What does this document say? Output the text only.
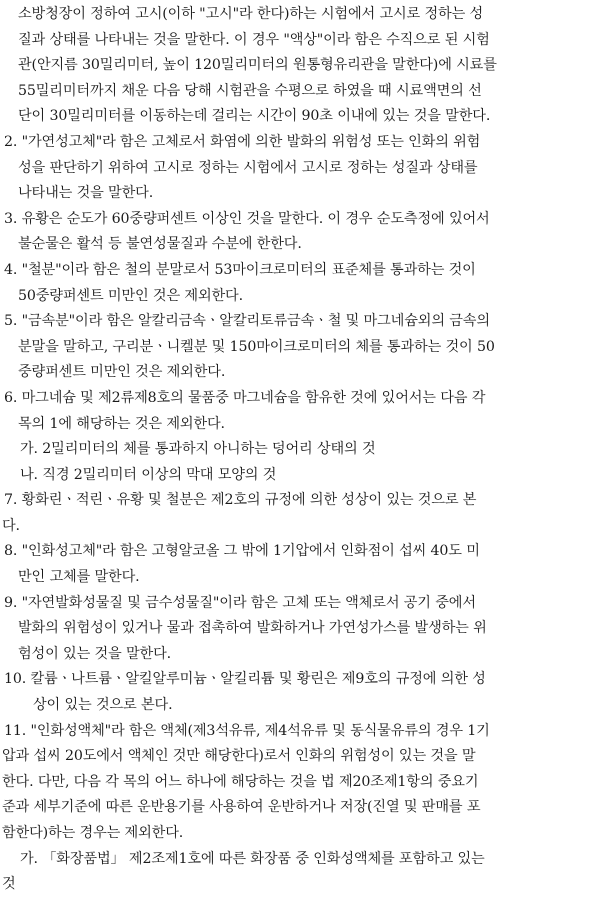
소방청장이 정하여 고시(이하 "고시"라 한다)하는 시험에서 고시로 정하는 성
질과 상태를 나타내는 것을 말한다. 이 경우 "액상"이라 함은 수직으로 된 시험
관(안지름 30밀리미터, 높이 120밀리미터의 원통형유리관을 말한다)에 시료를
55밀리미터까지 채운 다음 당해 시험관을 수평으로 하였을 때 시료액면의 선
단이 30밀리미터를 이동하는데 걸리는 시간이 90초 이내에 있는 것을 말한다.
2. "가연성고체"라 함은 고체로서 화염에 의한 발화의 위험성 또는 인화의 위험
성을 판단하기 위하여 고시로 정하는 시험에서 고시로 정하는 성질과 상태를
나타내는 것을 말한다.
3. 유황은 순도가 60중량퍼센트 이상인 것을 말한다. 이 경우 순도측정에 있어서
불순물은 활석 등 불연성물질과 수분에 한한다.
4. "철분"이라 함은 철의 분말로서 53마이크로미터의 표준체를 통과하는 것이
50중량퍼센트 미만인 것은 제외한다.
5. "금속분"이라 함은 알칼리금속ㆍ알칼리토류금속ㆍ철 및 마그네슘외의 금속의
분말을 말하고, 구리분ㆍ니켈분 및 150마이크로미터의 체를 통과하는 것이 50
중량퍼센트 미만인 것은 제외한다.
6. 마그네슘 및 제2류제8호의 물품중 마그네슘을 함유한 것에 있어서는 다음 각
목의 1에 해당하는 것은 제외한다.
가. 2밀리미터의 체를 통과하지 아니하는 덩어리 상태의 것
나. 직경 2밀리미터 이상의 막대 모양의 것
7. 황화린ㆍ적린ㆍ유황 및 철분은 제2호의 규정에 의한 성상이 있는 것으로 본
다.
8. "인화성고체"라 함은 고형알코올 그 밖에 1기압에서 인화점이 섭씨 40도 미
만인 고체를 말한다.
9. "자연발화성물질 및 금수성물질"이라 함은 고체 또는 액체로서 공기 중에서
발화의 위험성이 있거나 물과 접촉하여 발화하거나 가연성가스를 발생하는 위
험성이 있는 것을 말한다.
10. 칼륨ㆍ나트륨ㆍ알킬알루미늄ㆍ알킬리튬 및 황린은 제9호의 규정에 의한 성
상이 있는 것으로 본다.
11. "인화성액체"라 함은 액체(제3석유류, 제4석유류 및 동식물유류의 경우 1기
압과 섭씨 20도에서 액체인 것만 해당한다)로서 인화의 위험성이 있는 것을 말
한다. 다만, 다음 각 목의 어느 하나에 해당하는 것을 법 제20조제1항의 중요기
준과 세부기준에 따른 운반용기를 사용하여 운반하거나 저장(진열 및 판매를 포
함한다)하는 경우는 제외한다.
가. 「화장품법」 제2조제1호에 따른 화장품 중 인화성액체를 포함하고 있는
것
